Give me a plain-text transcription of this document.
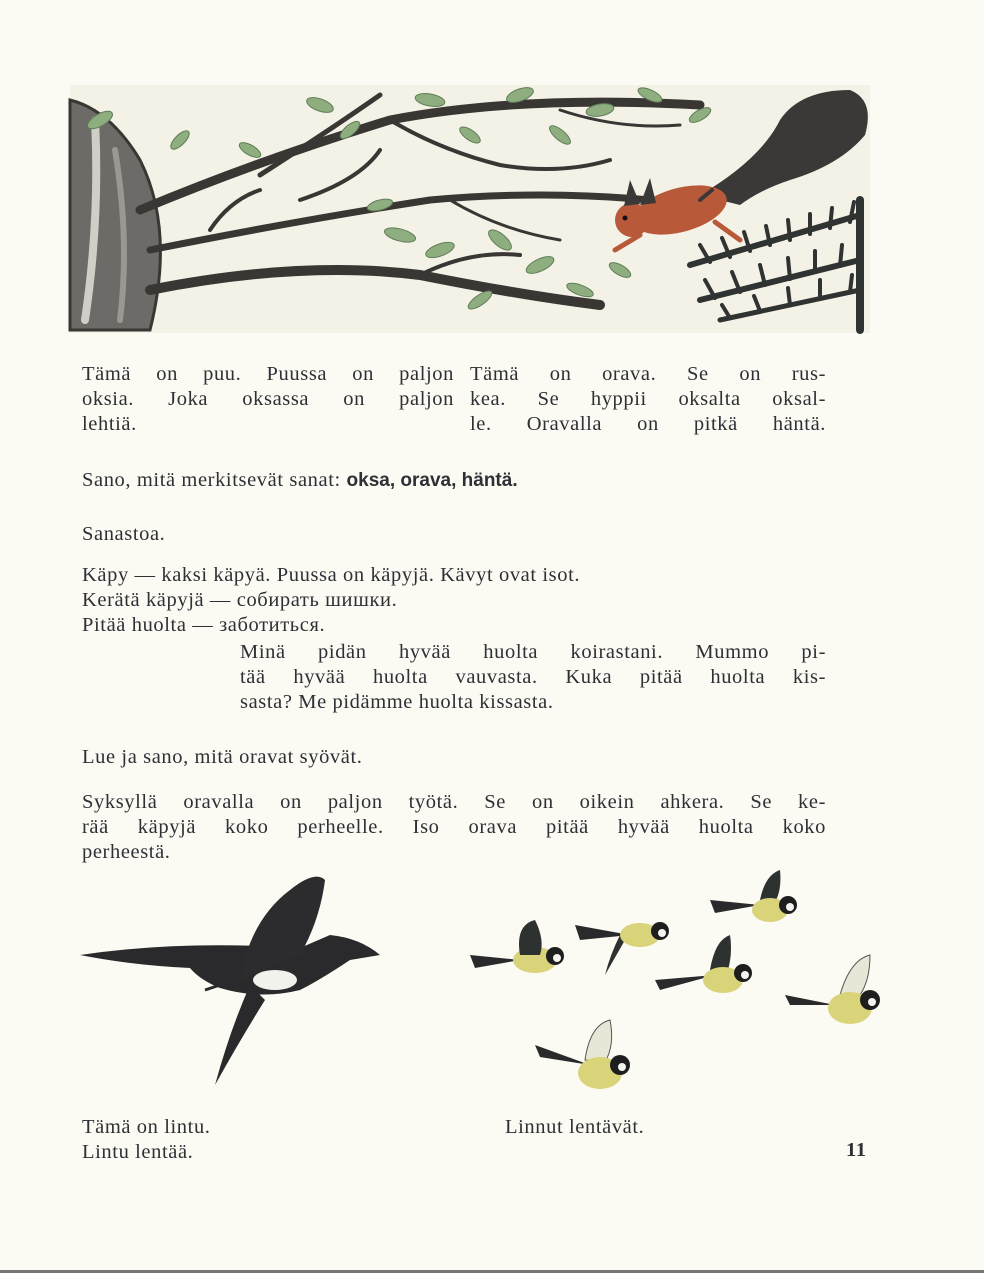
Tämä on puu. Puussa on paljon
oksia. Joka oksassa on paljon
lehtiä.

Tämä on orava. Se on rus-
kea. Se hyppii oksalta oksal-
le. Oravalla on pitkä häntä.

Sano, mitä merkitsevät sanat: oksa, orava, häntä.

Sanastoa.

Käpy — kaksi käpyä. Puussa on käpyjä. Kävyt ovat isot.
Kerätä käpyjä — собирать шишки.
Pitää huolta — заботиться.

Minä pidän hyvää huolta koirastani. Mummo pi-
tää hyvää huolta vauvasta. Kuka pitää huolta kis-
sasta? Me pidämme huolta kissasta.

Lue ja sano, mitä oravat syövät.

Syksyllä oravalla on paljon työtä. Se on oikein ahkera. Se ke-
rää käpyjä koko perheelle. Iso orava pitää hyvää huolta koko
perheestä.

Tämä on lintu.
Lintu lentää.

Linnut lentävät.

11
